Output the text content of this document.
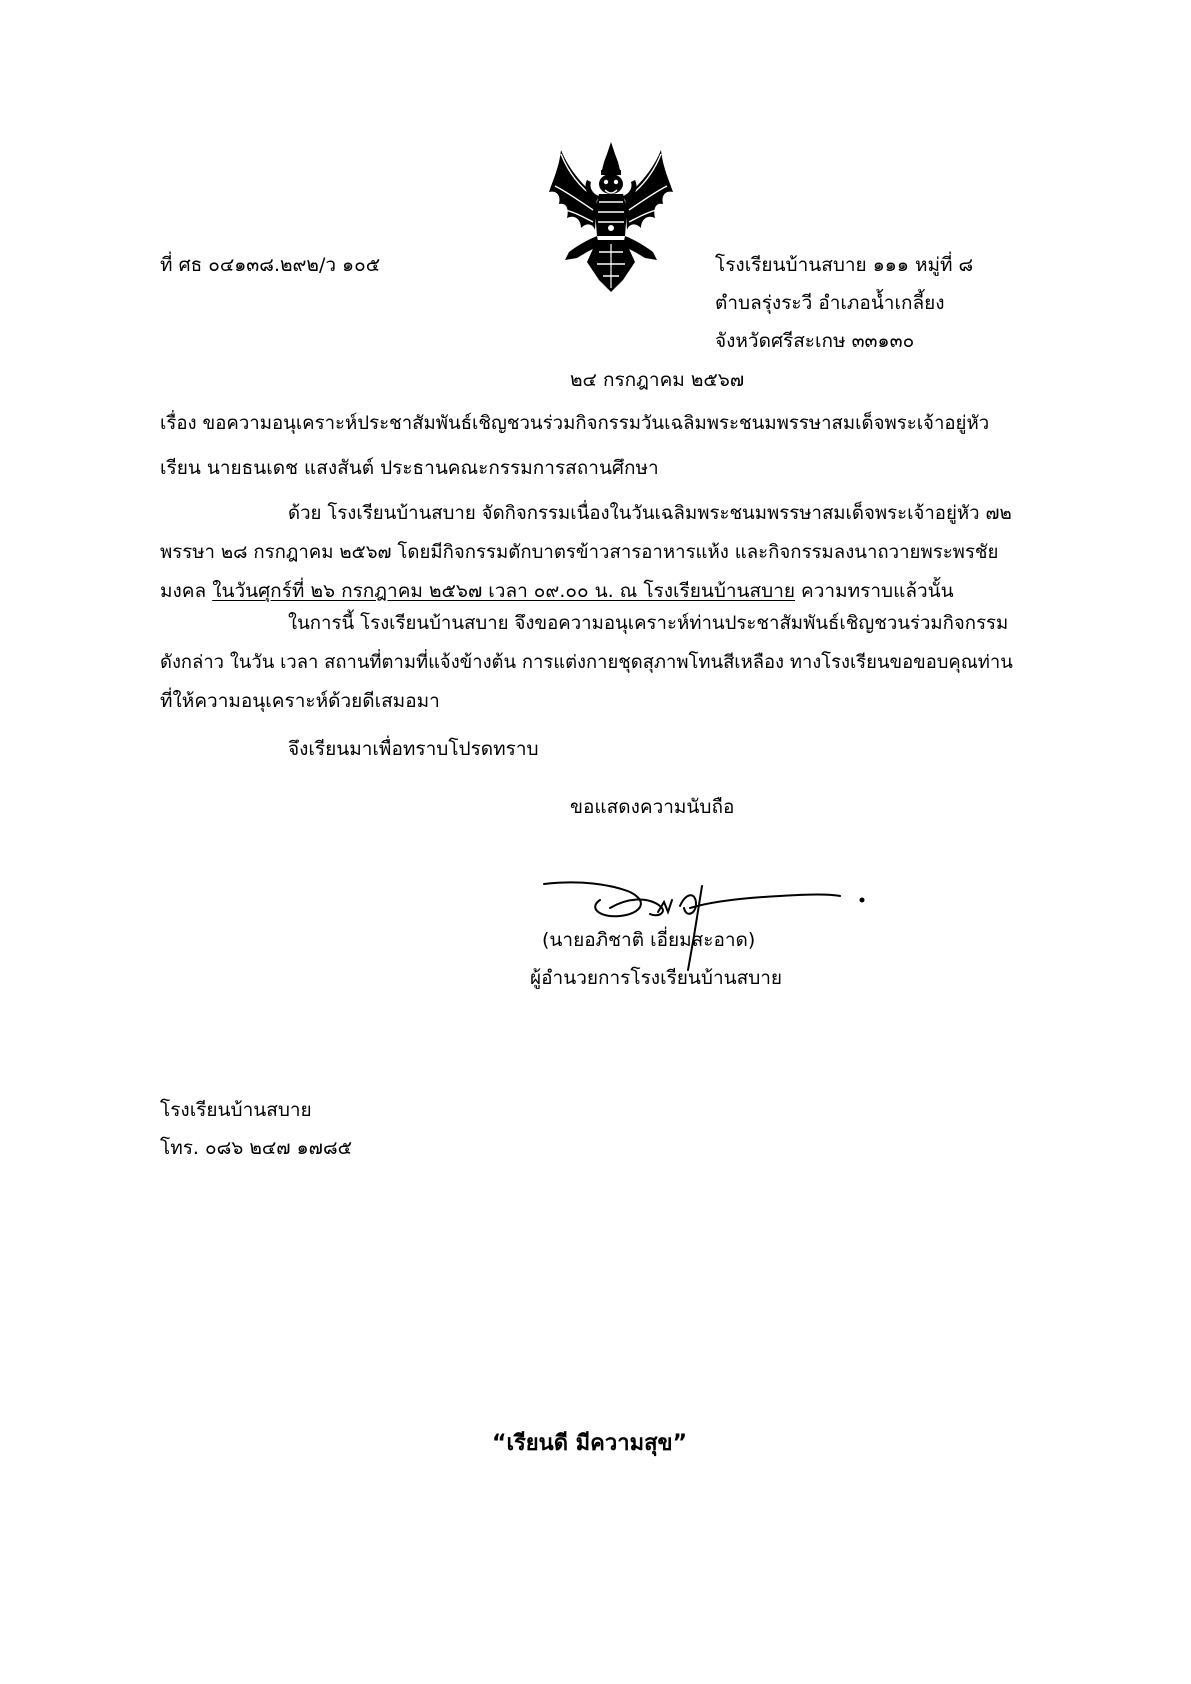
ที่ ศธ ๐๔๑๓๘.๒๙๒/ว ๑๐๕	โรงเรียนบ้านสบาย ๑๑๑ หมู่ที่ ๘
ตำบลรุ่งระวี อำเภอน้ำเกลี้ยง
จังหวัดศรีสะเกษ ๓๓๑๓๐
๒๔ กรกฎาคม ๒๕๖๗
เรื่อง ขอความอนุเคราะห์ประชาสัมพันธ์เชิญชวนร่วมกิจกรรมวันเฉลิมพระชนมพรรษาสมเด็จพระเจ้าอยู่หัว
เรียน นายธนเดช แสงสันต์ ประธานคณะกรรมการสถานศึกษา
ด้วย โรงเรียนบ้านสบาย จัดกิจกรรมเนื่องในวันเฉลิมพระชนมพรรษาสมเด็จพระเจ้าอยู่หัว ๗๒
พรรษา ๒๘ กรกฎาคม ๒๕๖๗ โดยมีกิจกรรมตักบาตรข้าวสารอาหารแห้ง และกิจกรรมลงนาถวายพระพรชัย
มงคล ในวันศุกร์ที่ ๒๖ กรกฎาคม ๒๕๖๗ เวลา ๐๙.๐๐ น. ณ โรงเรียนบ้านสบาย ความทราบแล้วนั้น
ในการนี้ โรงเรียนบ้านสบาย จึงขอความอนุเคราะห์ท่านประชาสัมพันธ์เชิญชวนร่วมกิจกรรม
ดังกล่าว ในวัน เวลา สถานที่ตามที่แจ้งข้างต้น การแต่งกายชุดสุภาพโทนสีเหลือง ทางโรงเรียนขอขอบคุณท่าน
ที่ให้ความอนุเคราะห์ด้วยดีเสมอมา
จึงเรียนมาเพื่อทราบโปรดทราบ
ขอแสดงความนับถือ
(นายอภิชาติ เอี่ยมสะอาด)
ผู้อำนวยการโรงเรียนบ้านสบาย
โรงเรียนบ้านสบาย
โทร. ๐๘๖ ๒๔๗ ๑๗๘๕
“เรียนดี มีความสุข”
